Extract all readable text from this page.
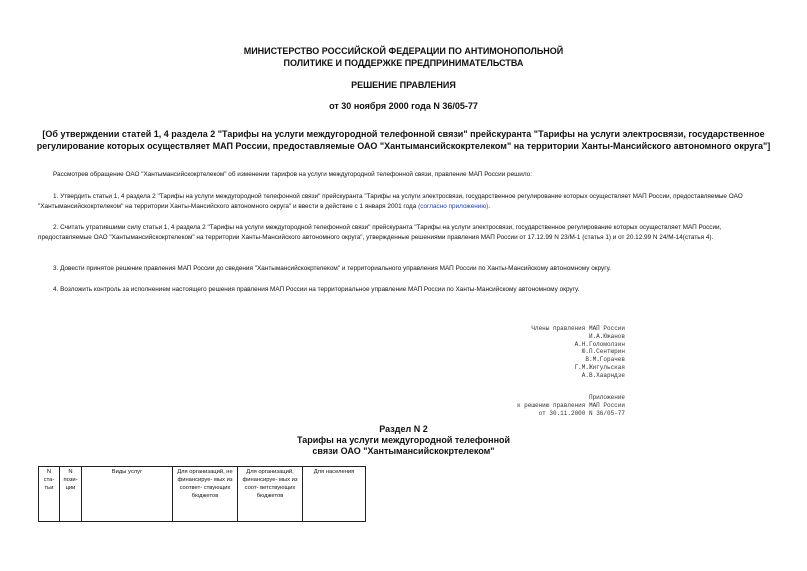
МИНИСТЕРСТВО РОССИЙСКОЙ ФЕДЕРАЦИИ ПО АНТИМОНОПОЛЬНОЙ
ПОЛИТИКЕ И ПОДДЕРЖКЕ ПРЕДПРИНИМАТЕЛЬСТВА
РЕШЕНИЕ ПРАВЛЕНИЯ
от 30 ноября 2000 года N 36/05-77
[Об утверждении статей 1, 4 раздела 2 "Тарифы на услуги междугородной телефонной связи" прейскуранта "Тарифы на услуги электросвязи, государственное регулирование которых осуществляет МАП России, предоставляемые ОАО "Хантымансийскокртелеком" на территории Ханты-Мансийского автономного округа"]
Рассмотрев обращение ОАО "Хантымансийскокртелеком" об изменении тарифов на услуги междугородной телефонной связи, правление МАП России решило:
1. Утвердить статьи 1, 4 раздела 2 "Тарифы на услуги междугородной телефонной связи" прейскуранта "Тарифы на услуги электросвязи, государственное регулирование которых осуществляет МАП России, предоставляемые ОАО "Хантымансийскокртелеком" на территории Ханты-Мансийского автономного округа" и ввести в действие с 1 января 2001 года (согласно приложению).
2. Считать утратившими силу статьи 1, 4 раздела 2 "Тарифы на услуги междугородной телефонной связи" прейскуранта "Тарифы на услуги электросвязи, государственное регулирование которых осуществляет МАП России, предоставляемые ОАО "Хантымансийскокртелеком" на территории Ханты-Мансийского автономного округа", утвержденные решениями правления МАП России от 17.12.99 N 23/М-1 (статья 1) и от 20.12.99 N 24/М-14(статья 4).
3. Довести принятое решение правления МАП России до сведения "Хантымансийскокртелеком" и территориального управления МАП России по Ханты-Мансийскому автономному округу.
4. Возложить контроль за исполнением настоящего решения правления МАП России на территориальное управление МАП России по Ханты-Мансийскому автономному округу.
Члены правления МАП России
И.А.Южанов
А.Н.Голомолзин
Ю.П.Сентюрин
В.М.Горачев
Г.М.Жигульская
А.В.Хаарндзе
Приложение
к решению правления МАП России
от 30.11.2000 N 36/05-77
Раздел N 2
Тарифы на услуги междугородной телефонной
связи ОАО "Хантымансийскокртелеком"
N ста- тьи	N пози- ции	Виды услуг	Для организаций, не финансируе- мых из соответ- ствующих бюджетов	Для организаций, финансируе- мых из соот- ветствующих бюджетов	Для населения
